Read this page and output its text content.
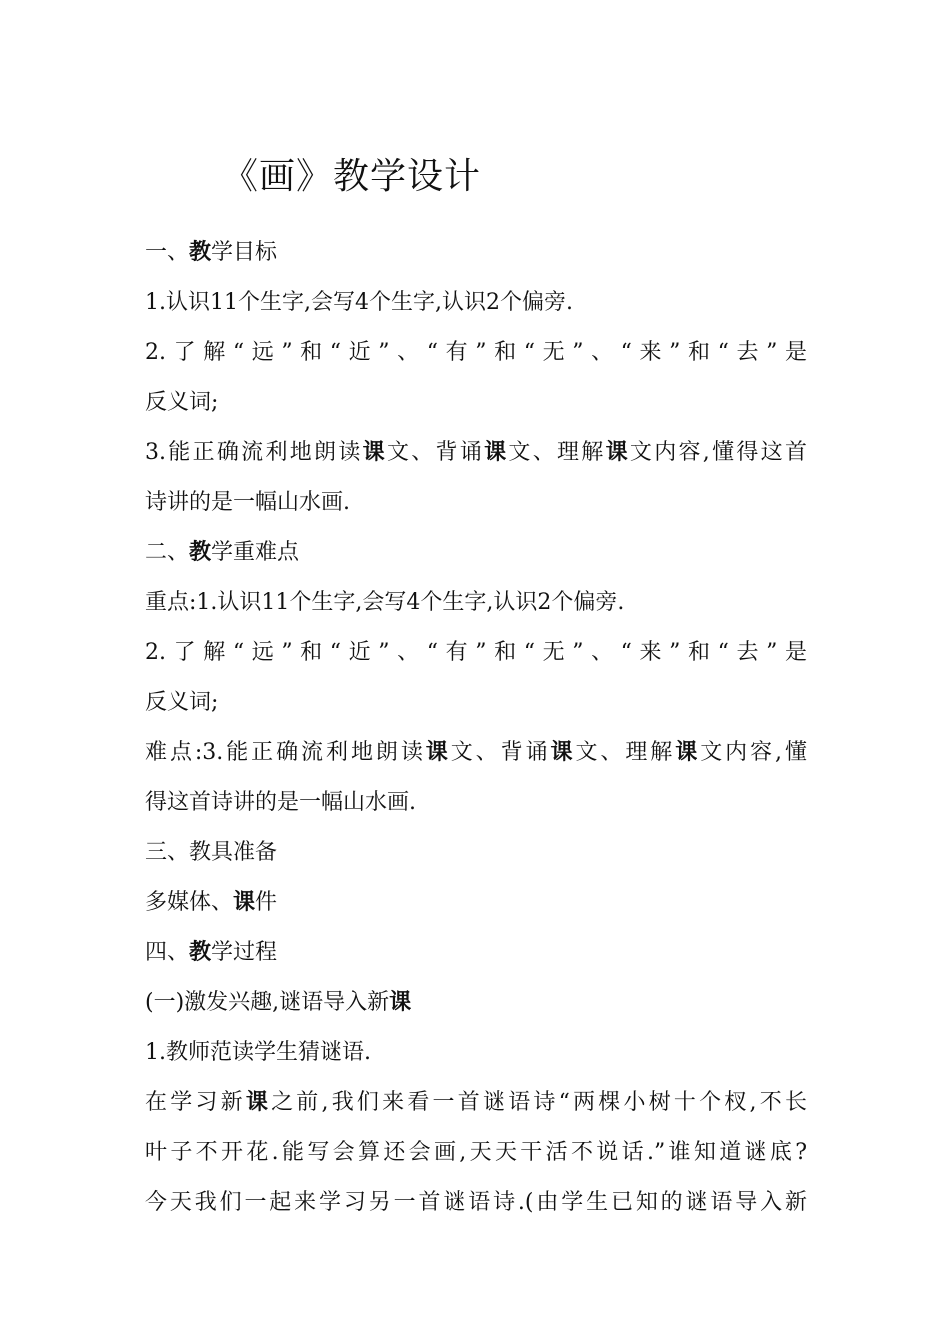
《画》教学设计
一、教学目标
1.认识11个生字,会写4个生字,认识2个偏旁.
2.了解“远”和“近”、“有”和“无”、“来”和“去”是
反义词;
3.能正确流利地朗读课文、背诵课文、理解课文内容,懂得这首
诗讲的是一幅山水画.
二、教学重难点
重点:1.认识11个生字,会写4个生字,认识2个偏旁.
2.了解“远”和“近”、“有”和“无”、“来”和“去”是
反义词;
难点:3.能正确流利地朗读课文、背诵课文、理解课文内容,懂
得这首诗讲的是一幅山水画.
三、教具准备
多媒体、课件
四、教学过程
(一)激发兴趣,谜语导入新课
1.教师范读学生猜谜语.
在学习新课之前,我们来看一首谜语诗“两棵小树十个杈,不长
叶子不开花.能写会算还会画,天天干活不说话.”谁知道谜底?
今天我们一起来学习另一首谜语诗.(由学生已知的谜语导入新
